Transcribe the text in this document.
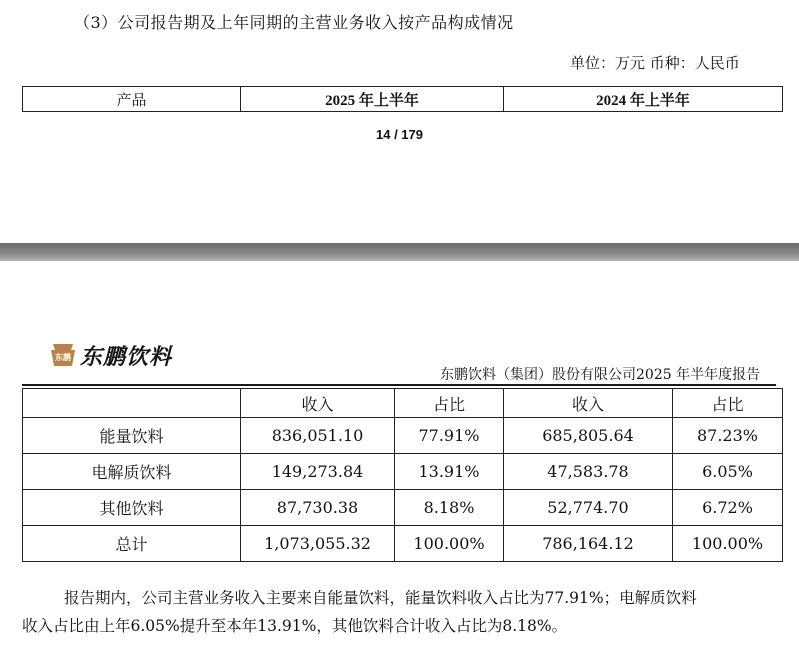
（3）公司报告期及上年同期的主营业务收入按产品构成情况
单位：万元 币种：人民币
产品	2025 年上半年	2024 年上半年
14 / 179
东鹏 东鹏饮料
东鹏饮料（集团）股份有限公司2025 年半年度报告
	收入	占比	收入	占比
能量饮料	836,051.10	77.91%	685,805.64	87.23%
电解质饮料	149,273.84	13.91%	47,583.78	6.05%
其他饮料	87,730.38	8.18%	52,774.70	6.72%
总计	1,073,055.32	100.00%	786,164.12	100.00%

报告期内，公司主营业务收入主要来自能量饮料，能量饮料收入占比为77.91%；电解质饮料

收入占比由上年6.05%提升至本年13.91%，其他饮料合计收入占比为8.18%。
